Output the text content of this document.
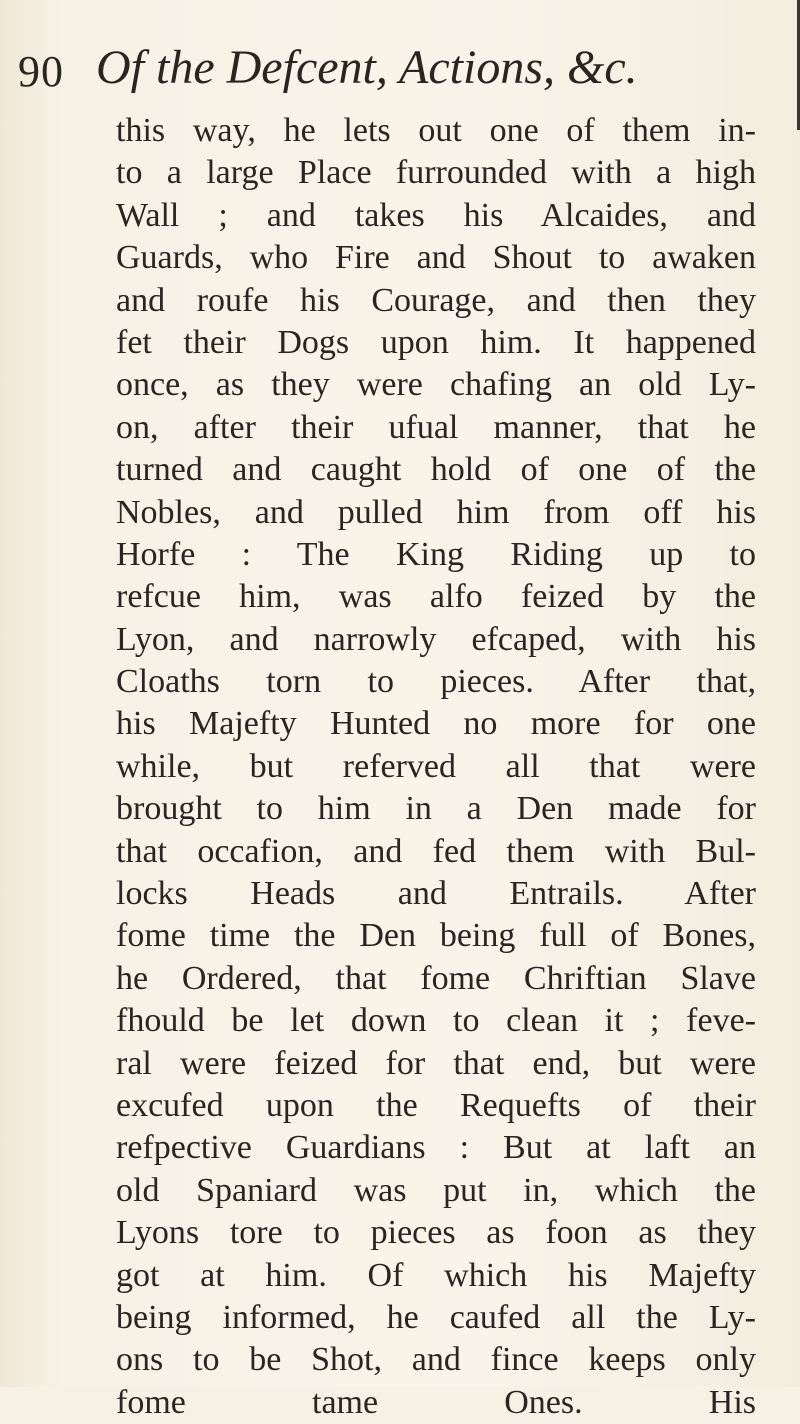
90 Of the Defcent, Actions, &c.
this way, he lets out one of them in-
to a large Place furrounded with a high
Wall ; and takes his Alcaides, and
Guards, who Fire and Shout to awaken
and roufe his Courage, and then they
fet their Dogs upon him. It happened
once, as they were chafing an old Ly-
on, after their ufual manner, that he
turned and caught hold of one of the
Nobles, and pulled him from off his
Horfe : The King Riding up to
refcue him, was alfo feized by the
Lyon, and narrowly efcaped, with his
Cloaths torn to pieces. After that,
his Majefty Hunted no more for one
while, but referved all that were
brought to him in a Den made for
that occafion, and fed them with Bul-
locks Heads and Entrails. After
fome time the Den being full of Bones,
he Ordered, that fome Chriftian Slave
fhould be let down to clean it ; feve-
ral were feized for that end, but were
excufed upon the Requefts of their
refpective Guardians : But at laft an
old Spaniard was put in, which the
Lyons tore to pieces as foon as they
got at him. Of which his Majefty
being informed, he caufed all the Ly-
ons to be Shot, and fince keeps only
fome tame Ones. His
